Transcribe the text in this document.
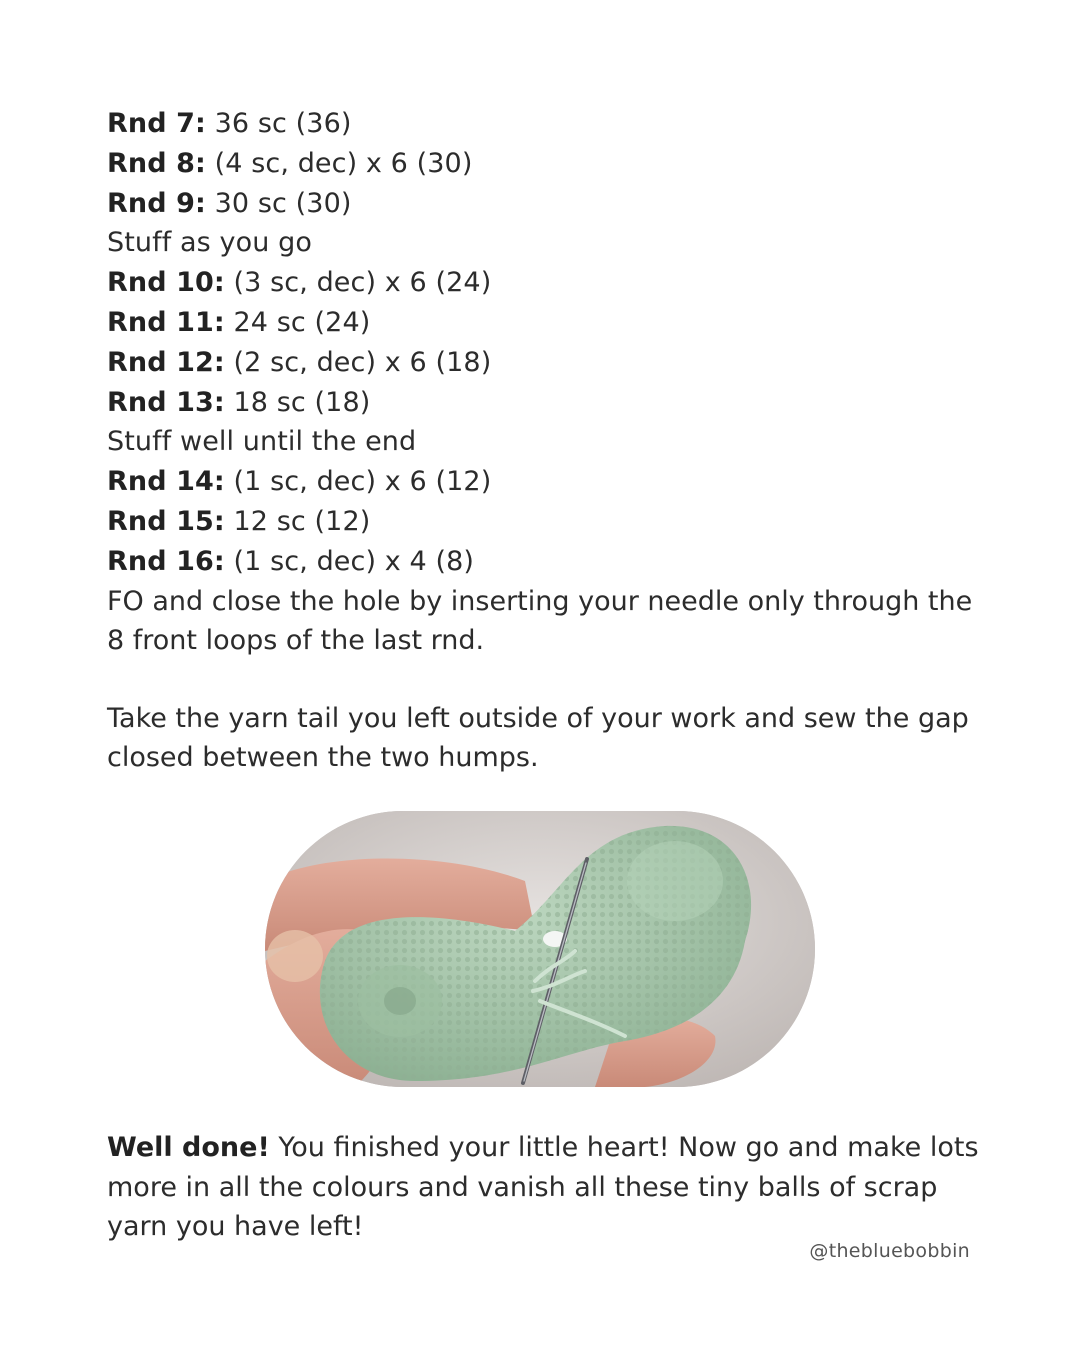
Rnd 7: 36 sc (36)
Rnd 8: (4 sc, dec) x 6 (30)
Rnd 9: 30 sc (30)
Stuff as you go
Rnd 10: (3 sc, dec) x 6 (24)
Rnd 11: 24 sc (24)
Rnd 12: (2 sc, dec) x 6 (18)
Rnd 13: 18 sc (18)
Stuff well until the end
Rnd 14: (1 sc, dec) x 6 (12)
Rnd 15: 12 sc (12)
Rnd 16: (1 sc, dec) x 4 (8)
FO and close the hole by inserting your needle only through the 8 front loops of the last rnd.
Take the yarn tail you left outside of your work and sew the gap closed between the two humps.
Well done! You finished your little heart! Now go and make lots more in all the colours and vanish all these tiny balls of scrap yarn you have left!
@thebluebobbin
